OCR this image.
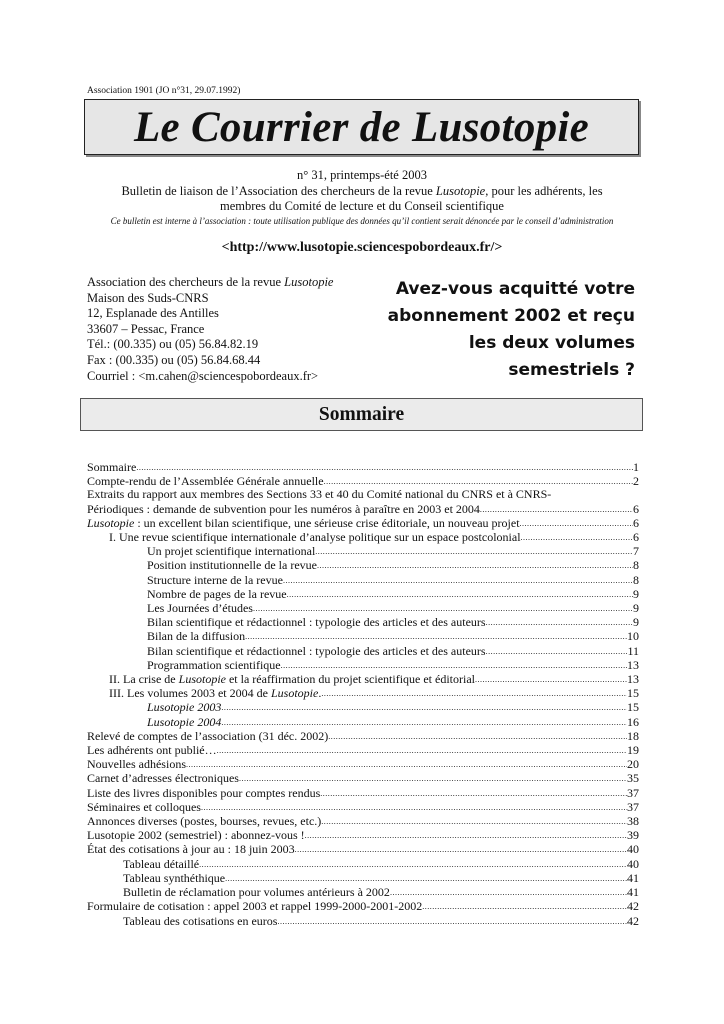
Association 1901 (JO n°31, 29.07.1992)
Le Courrier de Lusotopie
n° 31, printemps-été 2003
Bulletin de liaison de l’Association des chercheurs de la revue Lusotopie, pour les adhérents, les
membres du Comité de lecture et du Conseil scientifique
Ce bulletin est interne à l’association : toute utilisation publique des données qu’il contient serait dénoncée par le conseil d’administration
<http://www.lusotopie.sciencespobordeaux.fr/>
Association des chercheurs de la revue Lusotopie
Maison des Suds-CNRS
12, Esplanade des Antilles
33607 – Pessac, France
Tél.: (00.335) ou (05) 56.84.82.19
Fax : (00.335) ou (05) 56.84.68.44
Courriel : <m.cahen@sciencespobordeaux.fr>
Avez-vous acquitté votre
abonnement 2002 et reçu
les deux volumes
semestriels ?
Sommaire
Sommaire .....	1
Compte-rendu de l’Assemblée Générale annuelle .....	2
Extraits du rapport aux membres des Sections 33 et 40 du Comité national du CNRS et à CNRS-
Périodiques : demande de subvention pour les numéros à paraître en 2003 et 2004 .....	6
Lusotopie : un excellent bilan scientifique, une sérieuse crise éditoriale, un nouveau projet .....	6
I. Une revue scientifique internationale d’analyse politique sur un espace postcolonial .....	6
Un projet scientifique international .....	7
Position institutionnelle de la revue .....	8
Structure interne de la revue .....	8
Nombre de pages de la revue .....	9
Les Journées d’études .....	9
Bilan scientifique et rédactionnel : typologie des articles et des auteurs .....	9
Bilan de la diffusion .....	10
Bilan scientifique et rédactionnel : typologie des articles et des auteurs .....	11
Programmation scientifique .....	13
II. La crise de Lusotopie et la réaffirmation du projet scientifique et éditorial .....	13
III. Les volumes 2003 et 2004 de Lusotopie. .....	15
Lusotopie 2003 .....	15
Lusotopie 2004 .....	16
Relevé de comptes de l’association (31 déc. 2002) .....	18
Les adhérents ont publié… .....	19
Nouvelles adhésions .....	20
Carnet d’adresses électroniques .....	35
Liste des livres disponibles pour comptes rendus .....	37
Séminaires et colloques .....	37
Annonces diverses (postes, bourses, revues, etc.) .....	38
Lusotopie 2002 (semestriel) : abonnez-vous ! .....	39
État des cotisations à jour au : 18 juin 2003 .....	40
Tableau détaillé .....	40
Tableau synthéthique .....	41
Bulletin de réclamation pour volumes antérieurs à 2002 .....	41
Formulaire de cotisation : appel 2003 et rappel 1999-2000-2001-2002 .....	42
Tableau des cotisations en euros .....	42
